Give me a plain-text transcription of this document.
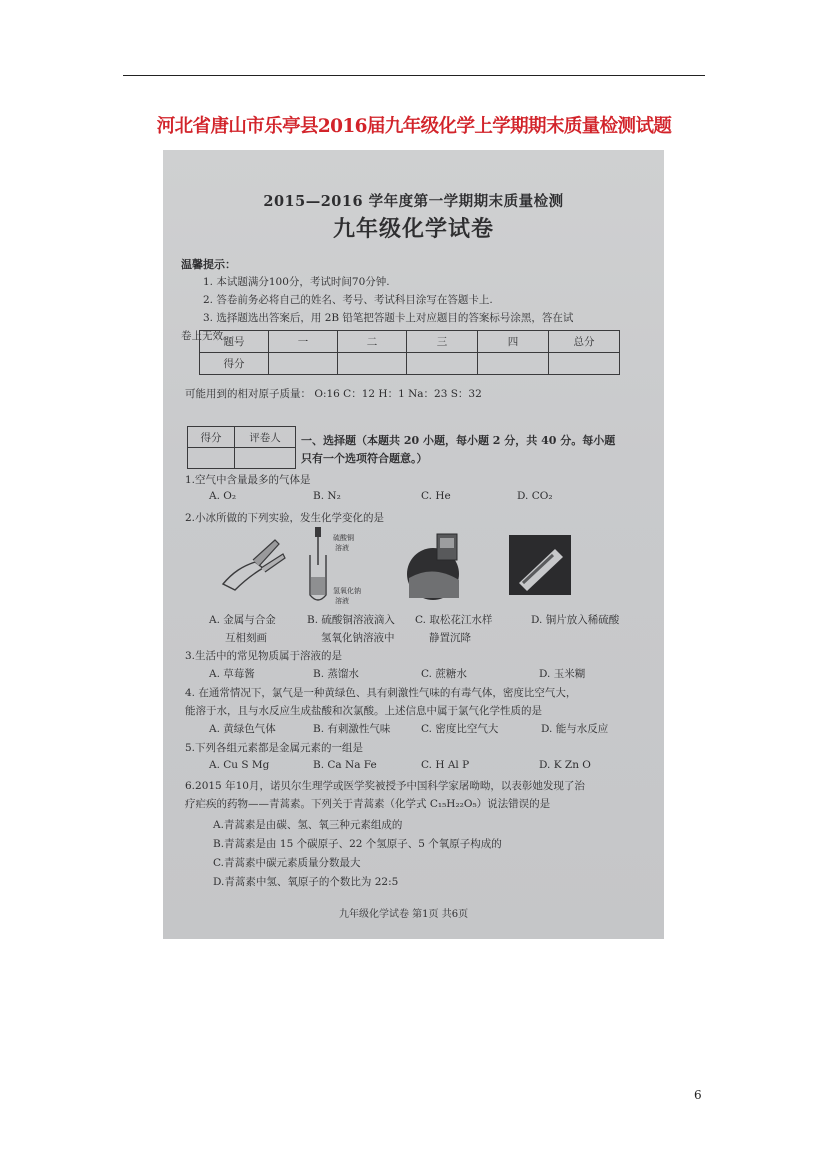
河北省唐山市乐亭县2016届九年级化学上学期期末质量检测试题
2015—2016 学年度第一学期期末质量检测
九年级化学试卷
温馨提示：
1. 本试题满分100分，考试时间70分钟.
2. 答卷前务必将自己的姓名、考号、考试科目涂写在答题卡上.
3. 选择题选出答案后，用 2B 铅笔把答题卡上对应题目的答案标号涂黑，答在试
卷上无效。
题号	一	二	三	四	总分
得分					
可能用到的相对原子质量： O:16 C：12 H：1 Na：23 S：32
得分	评卷人
	一、选择题（本题共 20 小题，每小题 2 分，共 40 分。每小题
只有一个选项符合题意。）
1.空气中含量最多的气体是
A. O₂	B. N₂	C. He	D. CO₂
2.小冰所做的下列实验，发生化学变化的是
硫酸铜
溶液
氢氧化钠
溶液
A. 金属与合金	B. 硫酸铜溶液滴入 C. 取松花江水样	D. 铜片放入稀硫酸
互相刻画	氢氧化钠溶液中	静置沉降
3.生活中的常见物质属于溶液的是
A. 草莓酱	B. 蒸馏水	C. 蔗糖水	D. 玉米糊
4. 在通常情况下，氯气是一种黄绿色、具有刺激性气味的有毒气体，密度比空气大，
能溶于水，且与水反应生成盐酸和次氯酸。上述信息中属于氯气化学性质的是
A. 黄绿色气体	B. 有刺激性气味	C. 密度比空气大	D. 能与水反应
5.下列各组元素都是金属元素的一组是
A. Cu S Mg	B. Ca Na Fe	C. H Al P	D. K Zn O
6.2015 年10月，诺贝尔生理学或医学奖被授予中国科学家屠呦呦，以表彰她发现了治
疗疟疾的药物——青蒿素。下列关于青蒿素（化学式 C₁₅H₂₂O₅）说法错误的是
A.青蒿素是由碳、氢、氧三种元素组成的
B.青蒿素是由 15 个碳原子、22 个氢原子、5 个氧原子构成的
C.青蒿素中碳元素质量分数最大
D.青蒿素中氢、氧原子的个数比为 22:5
九年级化学试卷 第1页 共6页
6
